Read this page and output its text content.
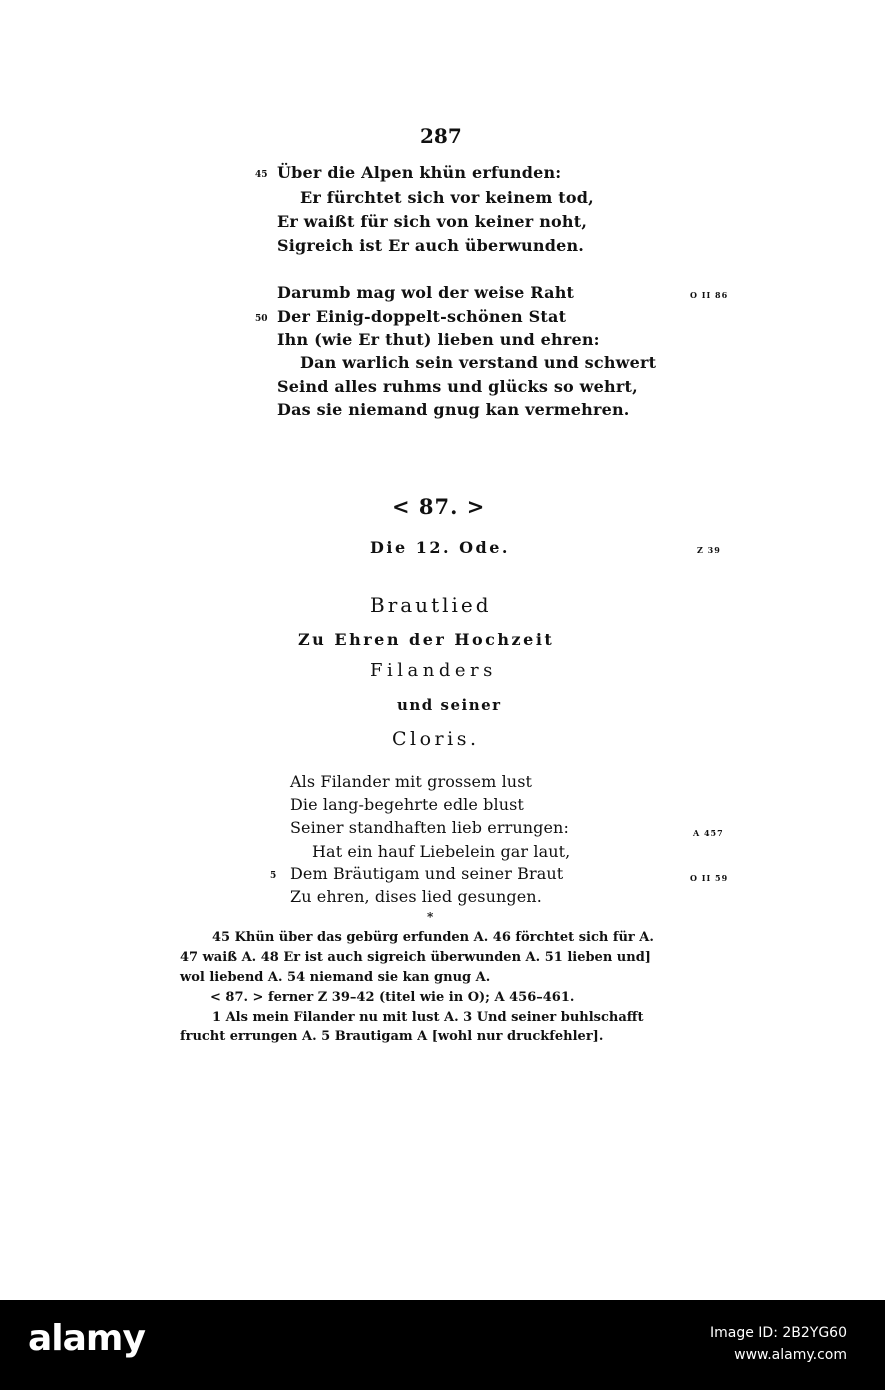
287
45 Über die Alpen khün erfunden:
Er fürchtet sich vor keinem tod,
Er waißt für sich von keiner noht,
Sigreich ist Er auch überwunden.
Darumb mag wol der weise Raht	O II 86
50 Der Einig-doppelt-schönen Stat
Ihn (wie Er thut) lieben und ehren:
Dan warlich sein verstand und schwert
Seind alles ruhms und glücks so wehrt,
Das sie niemand gnug kan vermehren.
< 87. >
Die 12. Ode.	Z 39
Brautlied
Zu Ehren der Hochzeit
Filanders
und seiner
Cloris.
Als Filander mit grossem lust
Die lang-begehrte edle blust
Seiner standhaften lieb errungen:	A 457
Hat ein hauf Liebelein gar laut,
5 Dem Bräutigam und seiner Braut	O II 59
Zu ehren, dises lied gesungen.
*
45 Khün über das gebürg erfunden A. 46 förchtet sich für A.
47 waiß A. 48 Er ist auch sigreich überwunden A. 51 lieben und]
wol liebend A. 54 niemand sie kan gnug A.
< 87. > ferner Z 39–42 (titel wie in O); A 456–461.
1 Als mein Filander nu mit lust A. 3 Und seiner buhlschafft
frucht errungen A. 5 Brautigam A [wohl nur druckfehler].
alamy	Image ID: 2B2YG60
www.alamy.com
